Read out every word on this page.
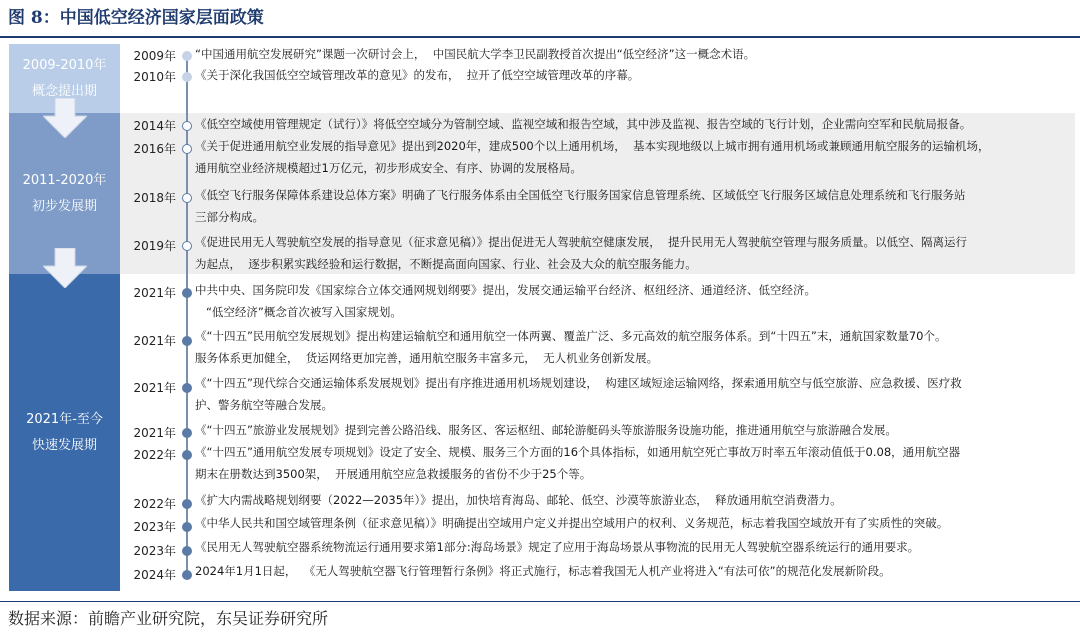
图 8：中国低空经济国家层面政策
2009-2010年
概念提出期
2011-2020年
初步发展期
2021年-至今
快速发展期
2009年 “中国通用航空发展研究”课题一次研讨会上，  中国民航大学李卫民副教授首次提出“低空经济”这一概念术语。
2010年 《关于深化我国低空空域管理改革的意见》的发布，  拉开了低空空域管理改革的序幕。
2014年 《低空空域使用管理规定（试行）》将低空空域分为管制空域、监视空域和报告空域，其中涉及监视、报告空域的飞行计划，企业需向空军和民航局报备。
2016年 《关于促进通用航空业发展的指导意见》提出到2020年，建成500个以上通用机场，  基本实现地级以上城市拥有通用机场或兼顾通用航空服务的运输机场，
通用航空业经济规模超过1万亿元，初步形成安全、有序、协调的发展格局。
2018年 《低空飞行服务保障体系建设总体方案》明确了飞行服务体系由全国低空飞行服务国家信息管理系统、区域低空飞行服务区域信息处理系统和飞行服务站
三部分构成。
2019年 《促进民用无人驾驶航空发展的指导意见（征求意见稿）》提出促进无人驾驶航空健康发展，  提升民用无人驾驶航空管理与服务质量。以低空、隔离运行
为起点，  逐步积累实践经验和运行数据，不断提高面向国家、行业、社会及大众的航空服务能力。
2021年 中共中央、国务院印发《国家综合立体交通网规划纲要》提出，发展交通运输平台经济、枢纽经济、通道经济、低空经济。
“低空经济”概念首次被写入国家规划。
2021年 《“十四五”民用航空发展规划》提出构建运输航空和通用航空一体两翼、覆盖广泛、多元高效的航空服务体系。到“十四五”末，通航国家数量70个。
服务体系更加健全，  货运网络更加完善，通用航空服务丰富多元，  无人机业务创新发展。
2021年 《“十四五”现代综合交通运输体系发展规划》提出有序推进通用机场规划建设，  构建区域短途运输网络，探索通用航空与低空旅游、应急救援、医疗救
护、警务航空等融合发展。
2021年 《“十四五”旅游业发展规划》提到完善公路沿线、服务区、客运枢纽、邮轮游艇码头等旅游服务设施功能，推进通用航空与旅游融合发展。
2022年 《“十四五”通用航空发展专项规划》设定了安全、规模、服务三个方面的16个具体指标，如通用航空死亡事故万时率五年滚动值低于0.08，通用航空器
期末在册数达到3500架，  开展通用航空应急救援服务的省份不少于25个等。
2022年 《扩大内需战略规划纲要（2022—2035年）》提出，加快培育海岛、邮轮、低空、沙漠等旅游业态，  释放通用航空消费潜力。
2023年 《中华人民共和国空域管理条例（征求意见稿）》明确提出空域用户定义并提出空域用户的权利、义务规范，标志着我国空域放开有了实质性的突破。
2023年 《民用无人驾驶航空器系统物流运行通用要求第1部分:海岛场景》规定了应用于海岛场景从事物流的民用无人驾驶航空器系统运行的通用要求。
2024年 2024年1月1日起，  《无人驾驶航空器飞行管理暂行条例》将正式施行，标志着我国无人机产业将进入“有法可依”的规范化发展新阶段。
数据来源：前瞻产业研究院，东吴证券研究所
